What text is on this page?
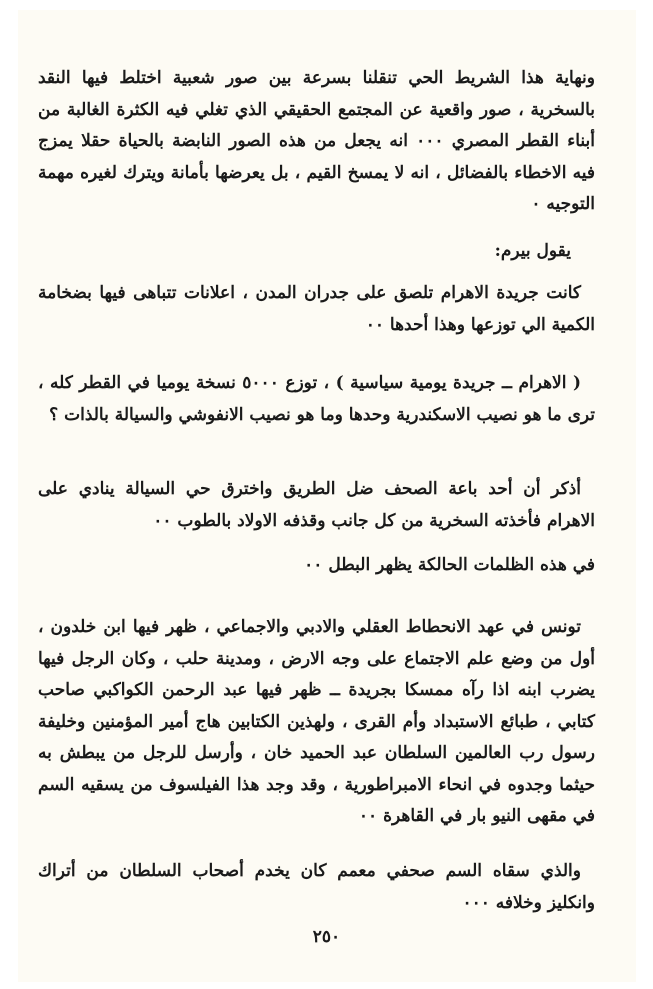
ونهاية هذا الشريط الحي تنقلنا بسرعة بين صور شعبية اختلط فيها النقد بالسخرية ، صور واقعية عن المجتمع الحقيقي الذي تغلي فيه الكثرة الغالبة من أبناء القطر المصري ٠٠٠ انه يجعل من هذه الصور النابضة بالحياة حقلا يمزج فيه الاخطاء بالفضائل ، انه لا يمسخ القيم ، بل يعرضها بأمانة ويترك لغيره مهمة التوجيه ٠

يقول بيرم:

كانت جريدة الاهرام تلصق على جدران المدن ، اعلانات تتباهى فيها بضخامة الكمية الي توزعها وهذا أحدها ٠٠

( الاهرام ــ جريدة يومية سياسية ) ، توزع ٥٠٠٠ نسخة يوميا في القطر كله ، ترى ما هو نصيب الاسكندرية وحدها وما هو نصيب الانفوشي والسيالة بالذات ؟

أذكر أن أحد باعة الصحف ضل الطريق واخترق حي السيالة ينادي على الاهرام فأخذته السخرية من كل جانب وقذفه الاولاد بالطوب ٠٠

في هذه الظلمات الحالكة يظهر البطل ٠٠

تونس في عهد الانحطاط العقلي والادبي والاجماعي ، ظهر فيها ابن خلدون ، أول من وضع علم الاجتماع على وجه الارض ، ومدينة حلب ، وكان الرجل فيها يضرب ابنه اذا رآه ممسكا بجريدة ــ ظهر فيها عبد الرحمن الكواكبي صاحب كتابي ، طبائع الاستبداد وأم القرى ، ولهذين الكتابين هاج أمير المؤمنين وخليفة رسول رب العالمين السلطان عبد الحميد خان ، وأرسل للرجل من يبطش به حيثما وجدوه في انحاء الامبراطورية ، وقد وجد هذا الفيلسوف من يسقيه السم في مقهى النيو بار في القاهرة ٠٠

والذي سقاه السم صحفي معمم كان يخدم أصحاب السلطان من أتراك وانكليز وخلافه ٠٠٠

٢٥٠
